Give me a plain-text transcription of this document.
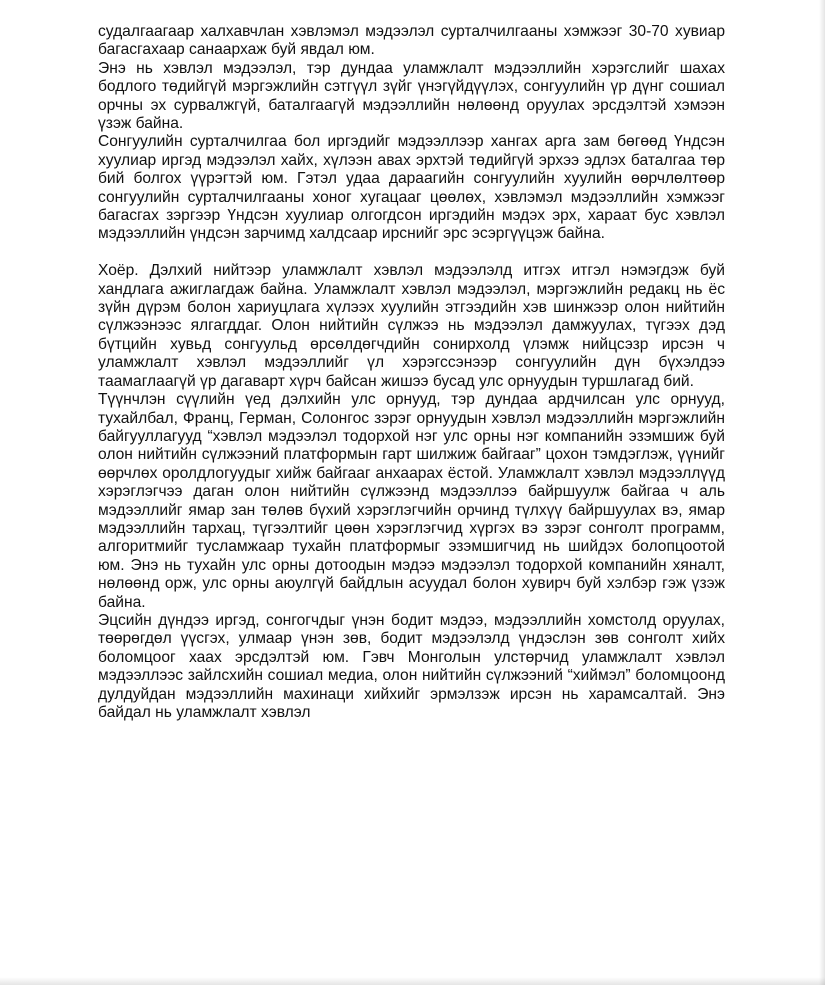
судалгаагаар халхавчлан хэвлэмэл мэдээлэл сурталчилгааны хэмжээг 30-70 хувиар багасгахаар санаархаж буй явдал юм.

Энэ нь хэвлэл мэдээлэл, тэр дундаа уламжлалт мэдээллийн хэрэгслийг шахах бодлого төдийгүй мэргэжлийн сэтгүүл зүйг үнэгүйдүүлэх, сонгуулийн үр дүнг сошиал орчны эх сурвалжгүй, баталгаагүй мэдээллийн нөлөөнд оруулах эрсдэлтэй хэмээн үзэж байна.

Сонгуулийн сурталчилгаа бол иргэдийг мэдээллээр хангах арга зам бөгөөд Үндсэн хуулиар иргэд мэдээлэл хайх, хүлээн авах эрхтэй төдийгүй эрхээ эдлэх баталгаа төр бий болгох үүрэгтэй юм. Гэтэл удаа дараагийн сонгуулийн хуулийн өөрчлөлтөөр сонгуулийн сурталчилгааны хоног хугацааг цөөлөх, хэвлэмэл мэдээллийн хэмжээг багасгах зэргээр Үндсэн хуулиар олгогдсон иргэдийн мэдэх эрх, хараат бус хэвлэл мэдээллийн үндсэн зарчимд халдсаар ирснийг эрс эсэргүүцэж байна.

Хоёр. Дэлхий нийтээр уламжлалт хэвлэл мэдээлэлд итгэх итгэл нэмэгдэж буй хандлага ажиглагдаж байна. Уламжлалт хэвлэл мэдээлэл, мэргэжлийн редакц нь ёс зүйн дүрэм болон хариуцлага хүлээх хуулийн этгээдийн хэв шинжээр олон нийтийн сүлжээнээс ялгагддаг. Олон нийтийн сүлжээ нь мэдээлэл дамжуулах, түгээх дэд бүтцийн хувьд сонгуульд өрсөлдөгчдийн сонирхолд үлэмж нийцсэзр ирсэн ч уламжлалт хэвлэл мэдээллийг үл хэрэгссэнээр сонгуулийн дүн бүхэлдээ таамаглаагүй үр дагаварт хүрч байсан жишээ бусад улс орнуудын туршлагад бий.

Түүнчлэн сүүлийн үед дэлхийн улс орнууд, тэр дундаа ардчилсан улс орнууд, тухайлбал, Франц, Герман, Солонгос зэрэг орнуудын хэвлэл мэдээллийн мэргэжлийн байгууллагууд “хэвлэл мэдээлэл тодорхой нэг улс орны нэг компанийн эзэмшиж буй олон нийтийн сүлжээний платформын гарт шилжиж байгааг” цохон тэмдэглэж, үүнийг өөрчлөх оролдлогуудыг хийж байгааг анхаарах ёстой. Уламжлалт хэвлэл мэдээллүүд хэрэглэгчээ даган олон нийтийн сүлжээнд мэдээллээ байршуулж байгаа ч аль мэдээллийг ямар зан төлөв бүхий хэрэглэгчийн орчинд түлхүү байршуулах вэ, ямар мэдээллийн тархац, түгээлтийг цөөн хэрэглэгчид хүргэх вэ зэрэг сонголт программ, алгоритмийг тусламжаар тухайн платформыг эзэмшигчид нь шийдэх болопцоотой юм. Энэ нь тухайн улс орны дотоодын мэдээ мэдээлэл тодорхой компанийн хяналт, нөлөөнд орж, улс орны аюулгүй байдлын асуудал болон хувирч буй хэлбэр гэж үзэж байна.

Эцсийн дүндээ иргэд, сонгогчдыг үнэн бодит мэдээ, мэдээллийн хомстолд оруулах, төөрөгдөл үүсгэх, улмаар үнэн зөв, бодит мэдээлэлд үндэслэн зөв сонголт хийх боломцоог хаах эрсдэлтэй юм. Гэвч Монголын улстөрчид уламжлалт хэвлэл мэдээллээс зайлсхийн сошиал медиа, олон нийтийн сүлжээний “хиймэл” боломцоонд дулдуйдан мэдээллийн махинаци хийхийг эрмэлзэж ирсэн нь харамсалтай. Энэ байдал нь уламжлалт хэвлэл
